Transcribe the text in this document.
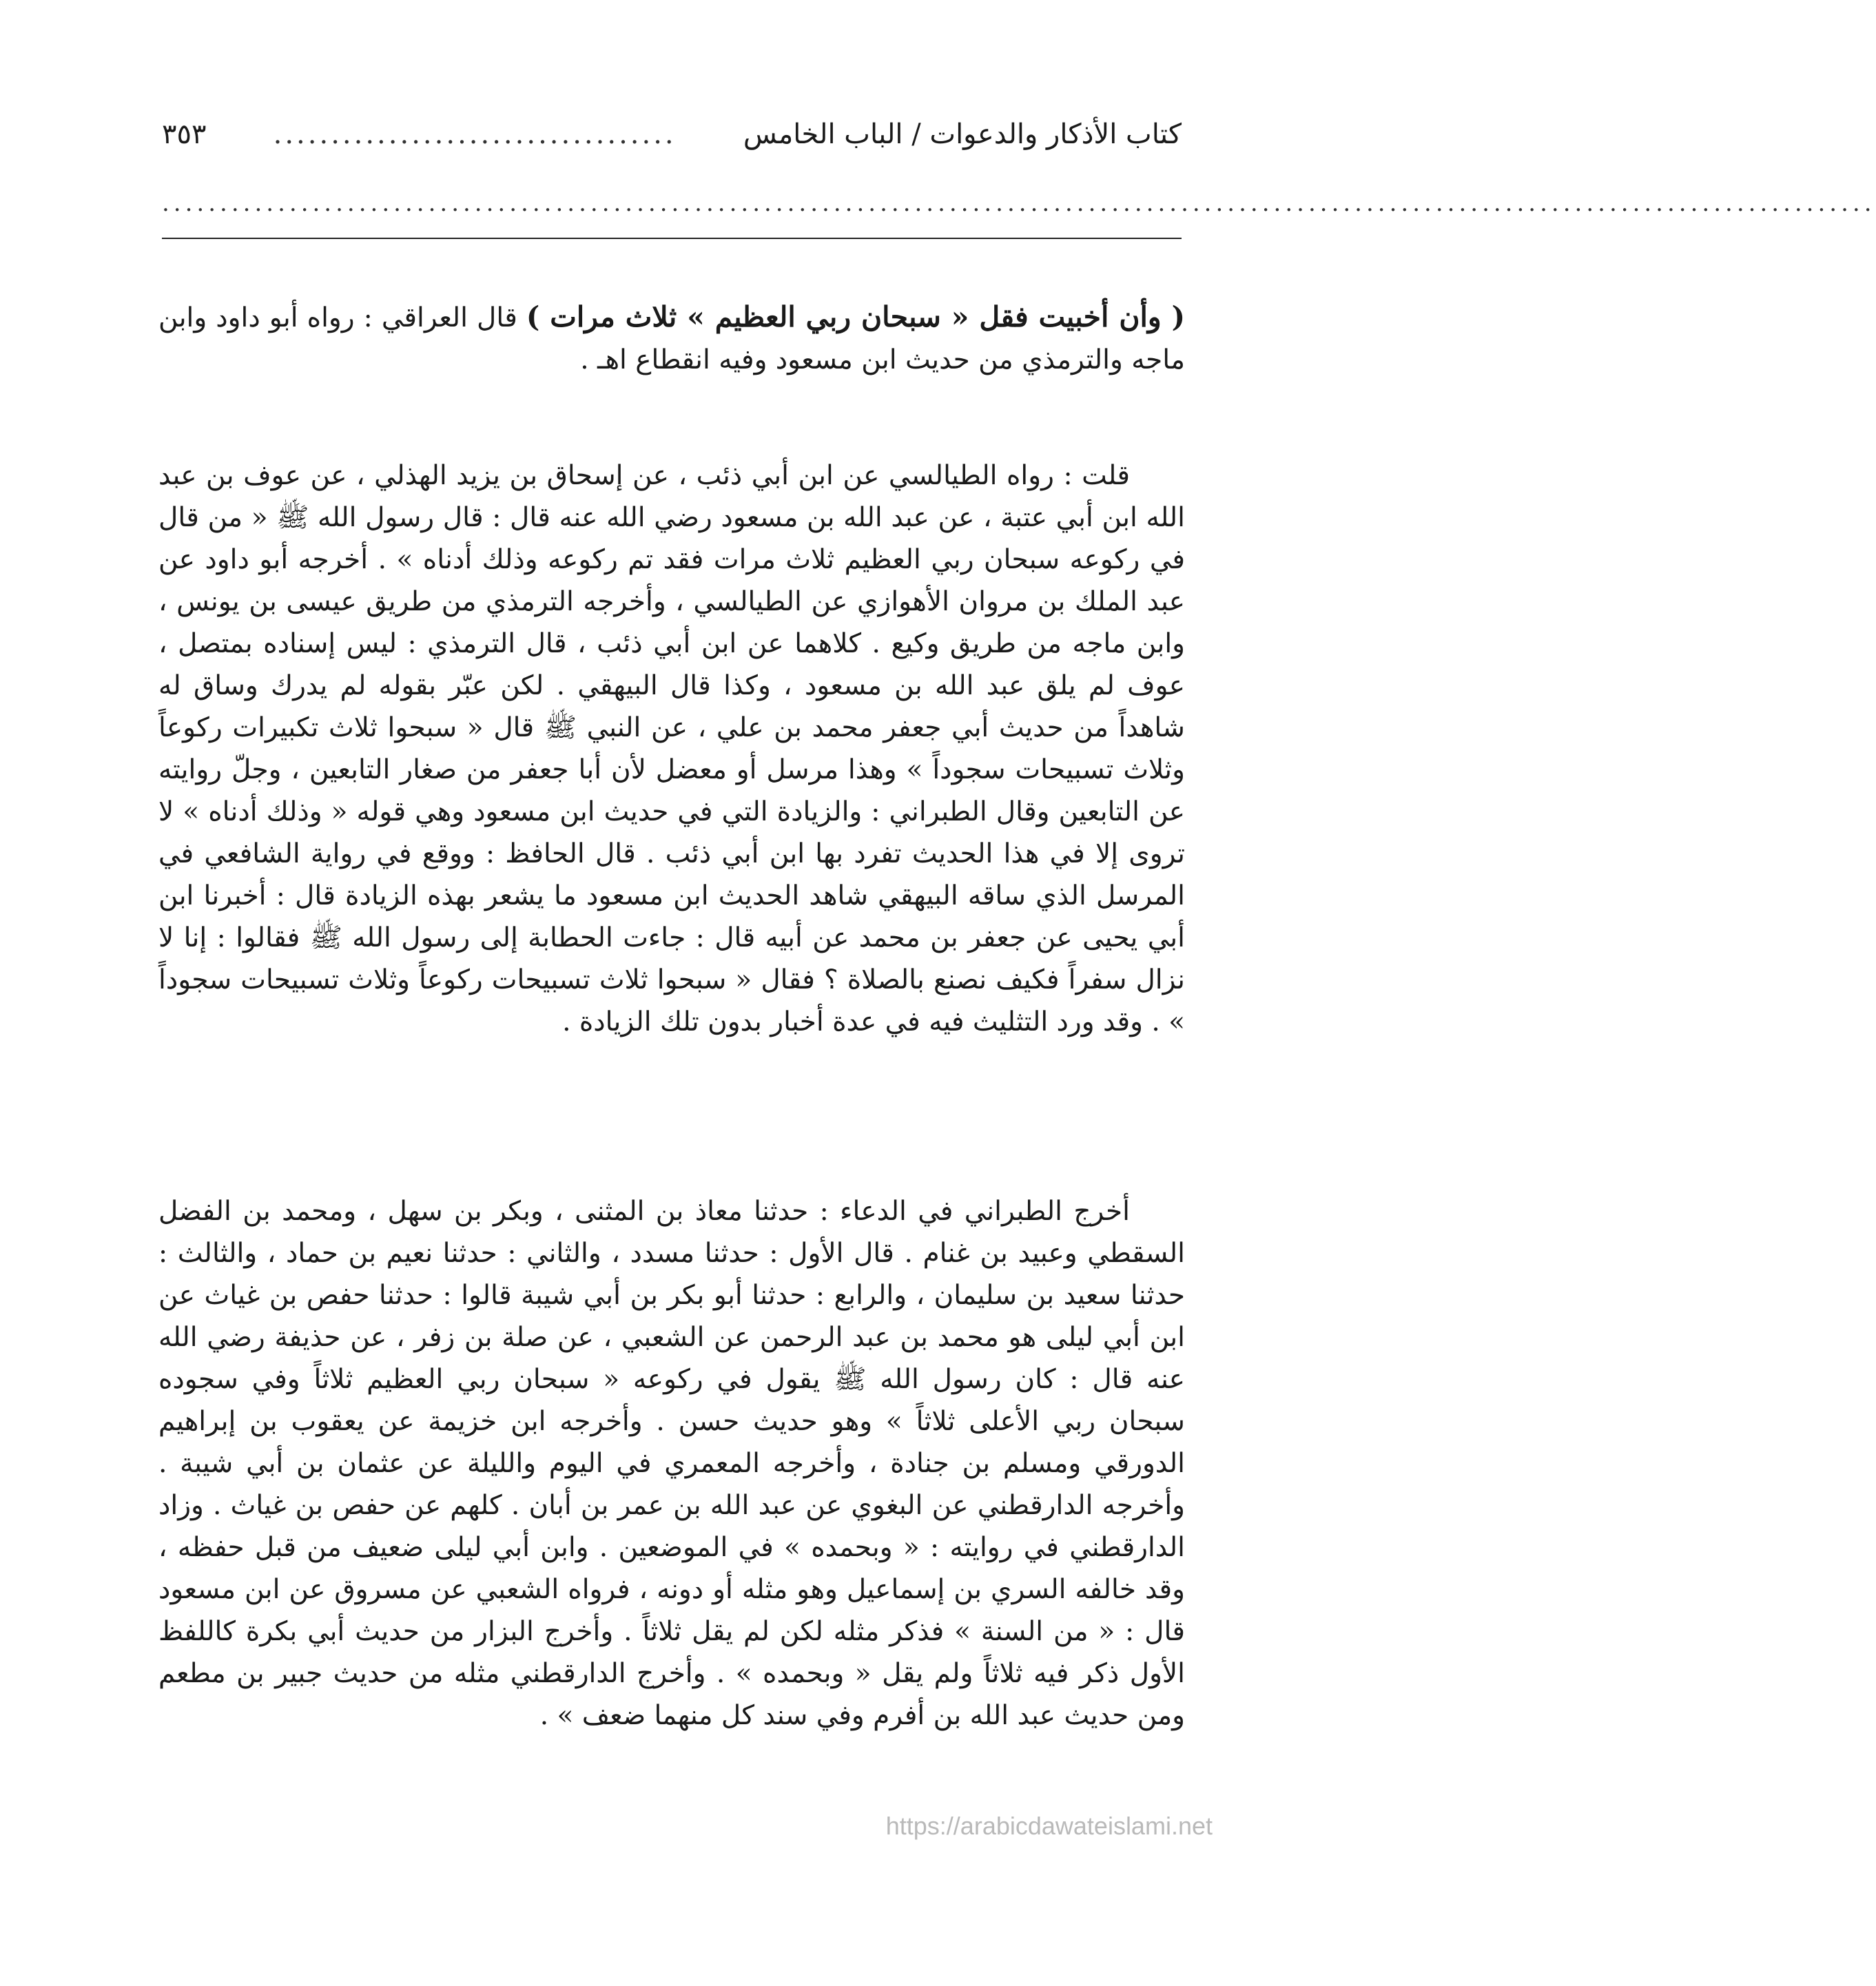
كتاب الأذكار والدعوات / الباب الخامس
...................................
٣٥٣
....................................................................................................................................................

( وأن أخبيت فقل « سبحان ربي العظيم » ثلاث مرات ) قال العراقي : رواه أبو داود وابن ماجه والترمذي من حديث ابن مسعود وفيه انقطاع اهـ .

قلت : رواه الطيالسي عن ابن أبي ذئب ، عن إسحاق بن يزيد الهذلي ، عن عوف بن عبد الله ابن أبي عتبة ، عن عبد الله بن مسعود رضي الله عنه قال : قال رسول الله ﷺ « من قال في ركوعه سبحان ربي العظيم ثلاث مرات فقد تم ركوعه وذلك أدناه » . أخرجه أبو داود عن عبد الملك بن مروان الأهوازي عن الطيالسي ، وأخرجه الترمذي من طريق عيسى بن يونس ، وابن ماجه من طريق وكيع . كلاهما عن ابن أبي ذئب ، قال الترمذي : ليس إسناده بمتصل ، عوف لم يلق عبد الله بن مسعود ، وكذا قال البيهقي . لكن عبّر بقوله لم يدرك وساق له شاهداً من حديث أبي جعفر محمد بن علي ، عن النبي ﷺ قال « سبحوا ثلاث تكبيرات ركوعاً وثلاث تسبيحات سجوداً » وهذا مرسل أو معضل لأن أبا جعفر من صغار التابعين ، وجلّ روايته عن التابعين وقال الطبراني : والزيادة التي في حديث ابن مسعود وهي قوله « وذلك أدناه » لا تروى إلا في هذا الحديث تفرد بها ابن أبي ذئب . قال الحافظ : ووقع في رواية الشافعي في المرسل الذي ساقه البيهقي شاهد الحديث ابن مسعود ما يشعر بهذه الزيادة قال : أخبرنا ابن أبي يحيى عن جعفر بن محمد عن أبيه قال : جاءت الحطابة إلى رسول الله ﷺ فقالوا : إنا لا نزال سفراً فكيف نصنع بالصلاة ؟ فقال « سبحوا ثلاث تسبيحات ركوعاً وثلاث تسبيحات سجوداً » . وقد ورد التثليث فيه في عدة أخبار بدون تلك الزيادة .

أخرج الطبراني في الدعاء : حدثنا معاذ بن المثنى ، وبكر بن سهل ، ومحمد بن الفضل السقطي وعبيد بن غنام . قال الأول : حدثنا مسدد ، والثاني : حدثنا نعيم بن حماد ، والثالث : حدثنا سعيد بن سليمان ، والرابع : حدثنا أبو بكر بن أبي شيبة قالوا : حدثنا حفص بن غياث عن ابن أبي ليلى هو محمد بن عبد الرحمن عن الشعبي ، عن صلة بن زفر ، عن حذيفة رضي الله عنه قال : كان رسول الله ﷺ يقول في ركوعه « سبحان ربي العظيم ثلاثاً وفي سجوده سبحان ربي الأعلى ثلاثاً » وهو حديث حسن . وأخرجه ابن خزيمة عن يعقوب بن إبراهيم الدورقي ومسلم بن جنادة ، وأخرجه المعمري في اليوم والليلة عن عثمان بن أبي شيبة . وأخرجه الدارقطني عن البغوي عن عبد الله بن عمر بن أبان . كلهم عن حفص بن غياث . وزاد الدارقطني في روايته : « وبحمده » في الموضعين . وابن أبي ليلى ضعيف من قبل حفظه ، وقد خالفه السري بن إسماعيل وهو مثله أو دونه ، فرواه الشعبي عن مسروق عن ابن مسعود قال : « من السنة » فذكر مثله لكن لم يقل ثلاثاً . وأخرج البزار من حديث أبي بكرة كاللفظ الأول ذكر فيه ثلاثاً ولم يقل « وبحمده » . وأخرج الدارقطني مثله من حديث جبير بن مطعم ومن حديث عبد الله بن أفرم وفي سند كل منهما ضعف » .

https://arabicdawateislami.net
